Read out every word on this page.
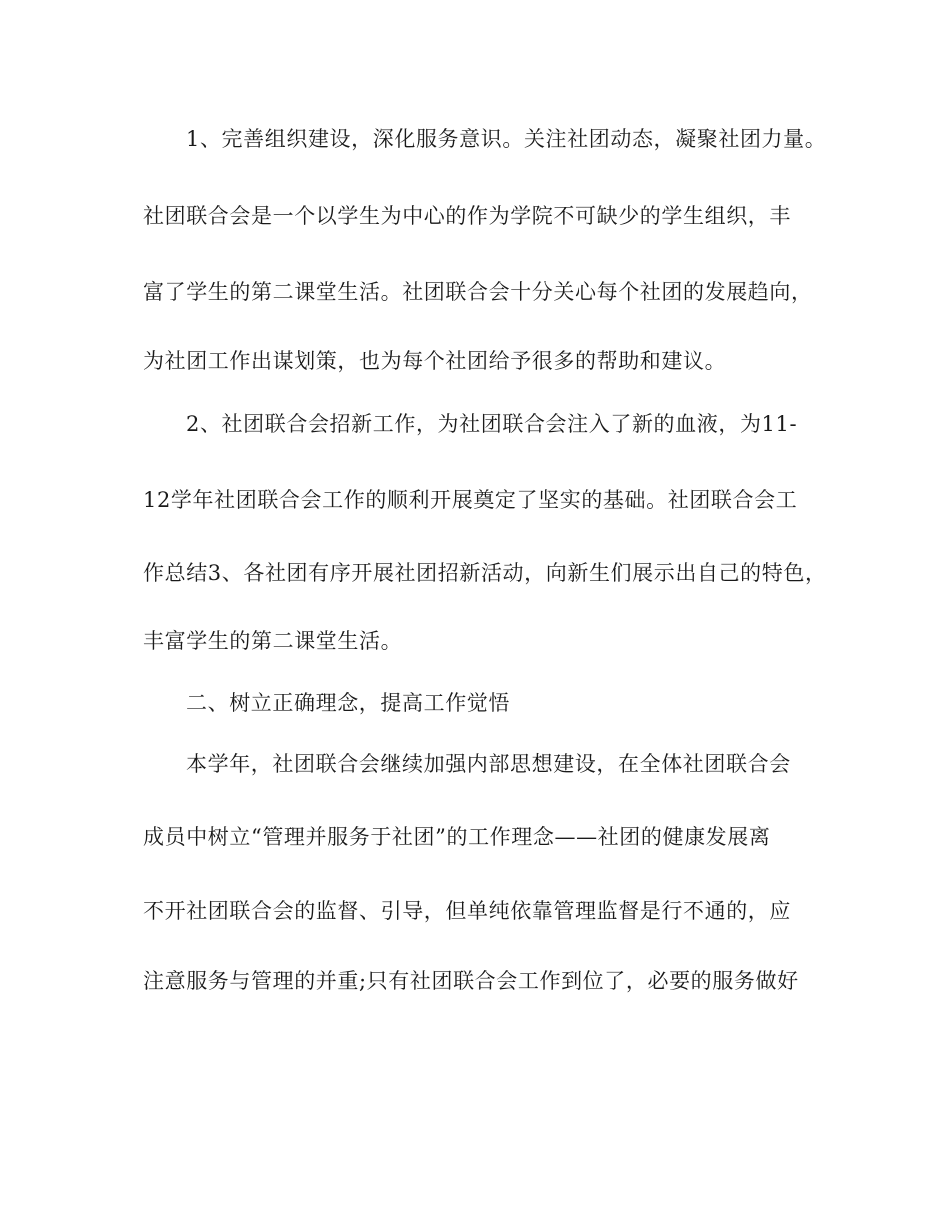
1、完善组织建设，深化服务意识。关注社团动态，凝聚社团力量。
社团联合会是一个以学生为中心的作为学院不可缺少的学生组织，丰
富了学生的第二课堂生活。社团联合会十分关心每个社团的发展趋向，
为社团工作出谋划策，也为每个社团给予很多的帮助和建议。
2、社团联合会招新工作，为社团联合会注入了新的血液，为11-
12学年社团联合会工作的顺利开展奠定了坚实的基础。社团联合会工
作总结3、各社团有序开展社团招新活动，向新生们展示出自己的特色，
丰富学生的第二课堂生活。
二、树立正确理念，提高工作觉悟
本学年，社团联合会继续加强内部思想建设，在全体社团联合会
成员中树立“管理并服务于社团”的工作理念——社团的健康发展离
不开社团联合会的监督、引导，但单纯依靠管理监督是行不通的，应
注意服务与管理的并重;只有社团联合会工作到位了，必要的服务做好
